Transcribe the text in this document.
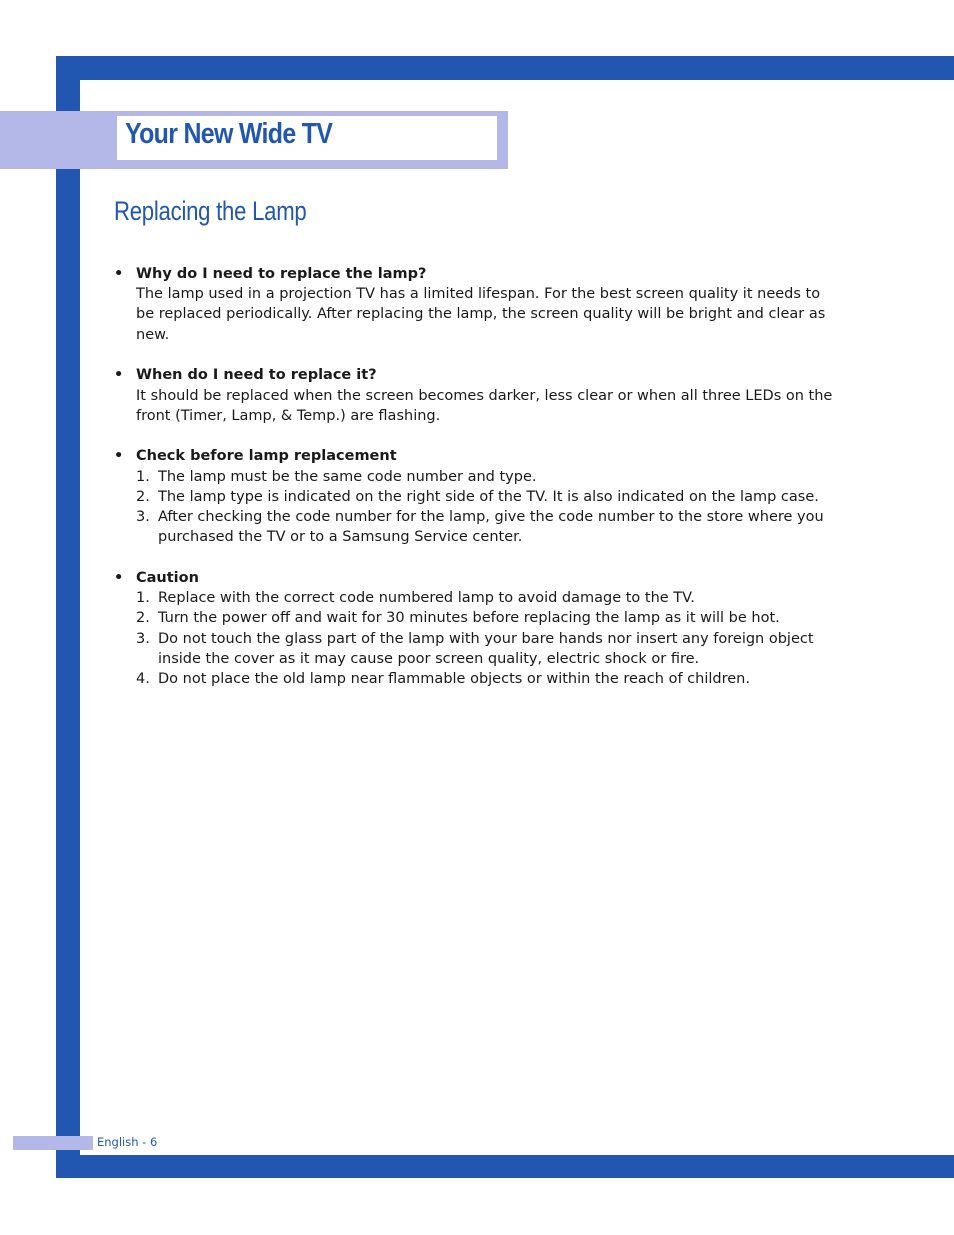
Your New Wide TV
Replacing the Lamp
• Why do I need to replace the lamp?
The lamp used in a projection TV has a limited lifespan. For the best screen quality it needs to be replaced periodically. After replacing the lamp, the screen quality will be bright and clear as new.
• When do I need to replace it?
It should be replaced when the screen becomes darker, less clear or when all three LEDs on the front (Timer, Lamp, & Temp.) are flashing.
• Check before lamp replacement
1. The lamp must be the same code number and type.
2. The lamp type is indicated on the right side of the TV. It is also indicated on the lamp case.
3. After checking the code number for the lamp, give the code number to the store where you purchased the TV or to a Samsung Service center.
• Caution
1. Replace with the correct code numbered lamp to avoid damage to the TV.
2. Turn the power off and wait for 30 minutes before replacing the lamp as it will be hot.
3. Do not touch the glass part of the lamp with your bare hands nor insert any foreign object inside the cover as it may cause poor screen quality, electric shock or fire.
4. Do not place the old lamp near flammable objects or within the reach of children.
English - 6
